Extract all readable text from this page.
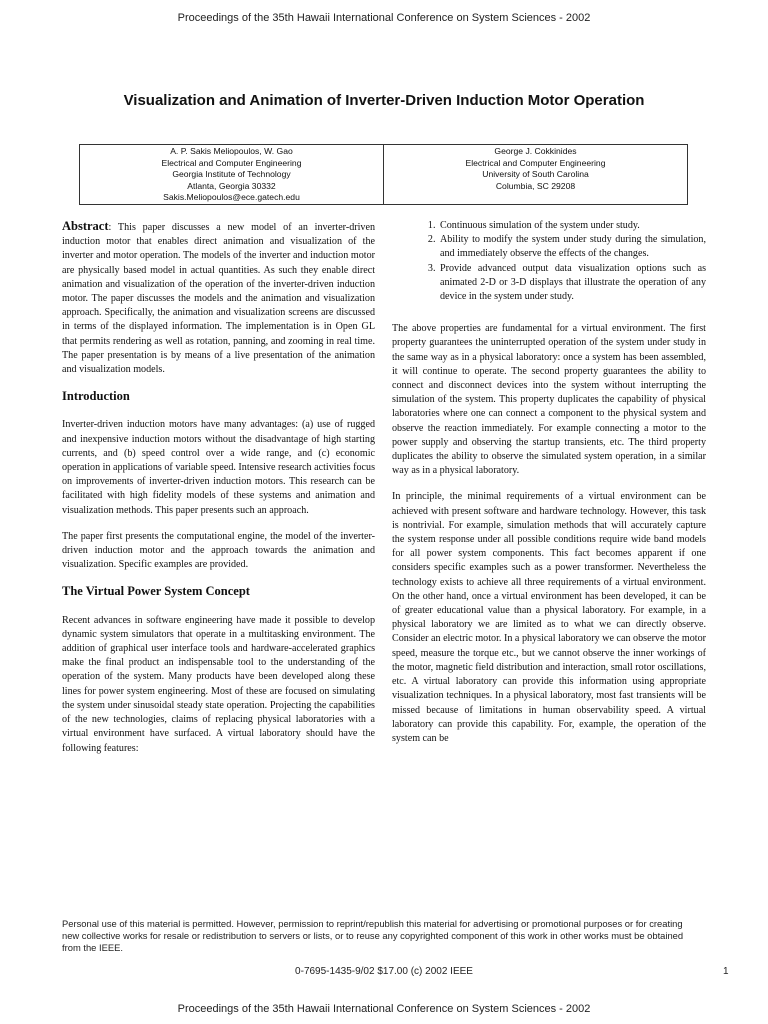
Proceedings of the 35th Hawaii International Conference on System Sciences - 2002
Visualization and Animation of Inverter-Driven Induction Motor Operation
A. P. Sakis Meliopoulos, W. Gao
Electrical and Computer Engineering
Georgia Institute of Technology
Atlanta, Georgia 30332
Sakis.Meliopoulos@ece.gatech.edu
George J. Cokkinides
Electrical and Computer Engineering
University of South Carolina
Columbia, SC 29208

Abstract: This paper discusses a new model of an inverter-driven induction motor that enables direct animation and visualization of the inverter and motor operation. The models of the inverter and induction motor are physically based model in actual quantities. As such they enable direct animation and visualization of the operation of the inverter-driven induction motor. The paper discusses the models and the animation and visualization approach. Specifically, the animation and visualization screens are discussed in terms of the displayed information. The implementation is in Open GL that permits rendering as well as rotation, panning, and zooming in real time. The paper presentation is by means of a live presentation of the animation and visualization models.

Introduction

Inverter-driven induction motors have many advantages: (a) use of rugged and inexpensive induction motors without the disadvantage of high starting currents, and (b) speed control over a wide range, and (c) economic operation in applications of variable speed. Intensive research activities focus on improvements of inverter-driven induction motors. This research can be facilitated with high fidelity models of these systems and animation and visualization methods. This paper presents such an approach.

The paper first presents the computational engine, the model of the inverter-driven induction motor and the approach towards the animation and visualization. Specific examples are provided.

The Virtual Power System Concept

Recent advances in software engineering have made it possible to develop dynamic system simulators that operate in a multitasking environment. The addition of graphical user interface tools and hardware-accelerated graphics make the final product an indispensable tool to the understanding of the operation of the system. Many products have been developed along these lines for power system engineering. Most of these are focused on simulating the system under sinusoidal steady state operation. Projecting the capabilities of the new technologies, claims of replacing physical laboratories with a virtual environment have surfaced. A virtual laboratory should have the following features:

1. Continuous simulation of the system under study.
2. Ability to modify the system under study during the simulation, and immediately observe the effects of the changes.
3. Provide advanced output data visualization options such as animated 2-D or 3-D displays that illustrate the operation of any device in the system under study.

The above properties are fundamental for a virtual environment. The first property guarantees the uninterrupted operation of the system under study in the same way as in a physical laboratory: once a system has been assembled, it will continue to operate. The second property guarantees the ability to connect and disconnect devices into the system without interrupting the simulation of the system. This property duplicates the capability of physical laboratories where one can connect a component to the physical system and observe the reaction immediately. For example connecting a motor to the power supply and observing the startup transients, etc. The third property duplicates the ability to observe the simulated system operation, in a similar way as in a physical laboratory.

In principle, the minimal requirements of a virtual environment can be achieved with present software and hardware technology. However, this task is nontrivial. For example, simulation methods that will accurately capture the system response under all possible conditions require wide band models for all power system components. This fact becomes apparent if one considers specific examples such as a power transformer. Nevertheless the technology exists to achieve all three requirements of a virtual environment. On the other hand, once a virtual environment has been developed, it can be of greater educational value than a physical laboratory. For example, in a physical laboratory we are limited as to what we can directly observe. Consider an electric motor. In a physical laboratory we can observe the motor speed, measure the torque etc., but we cannot observe the inner workings of the motor, magnetic field distribution and interaction, small rotor oscillations, etc. A virtual laboratory can provide this information using appropriate visualization techniques. In a physical laboratory, most fast transients will be missed because of limitations in human observability speed. A virtual laboratory can provide this capability. For, example, the operation of the system can be

Personal use of this material is permitted. However, permission to reprint/republish this material for advertising or promotional purposes or for creating new collective works for resale or redistribution to servers or lists, or to reuse any copyrighted component of this work in other works must be obtained from the IEEE.
0-7695-1435-9/02 $17.00 (c) 2002 IEEE	1
Proceedings of the 35th Hawaii International Conference on System Sciences - 2002
